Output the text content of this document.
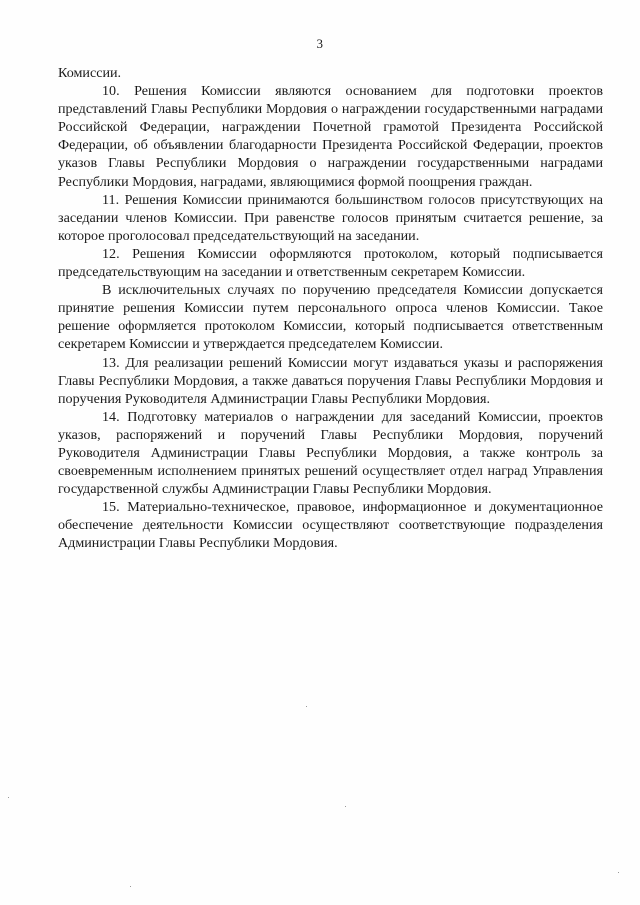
3

Комиссии.

10. Решения Комиссии являются основанием для подготовки проектов представлений Главы Республики Мордовия о награждении государственными наградами Российской Федерации, награждении Почетной грамотой Президента Российской Федерации, об объявлении благодарности Президента Российской Федерации, проектов указов Главы Республики Мордовия о награждении государственными наградами Республики Мордовия, наградами, являющимися формой поощрения граждан.

11. Решения Комиссии принимаются большинством голосов присутствующих на заседании членов Комиссии. При равенстве голосов принятым считается решение, за которое проголосовал председательствующий на заседании.

12. Решения Комиссии оформляются протоколом, который подписывается председательствующим на заседании и ответственным секретарем Комиссии.

В исключительных случаях по поручению председателя Комиссии допускается принятие решения Комиссии путем персонального опроса членов Комиссии. Такое решение оформляется протоколом Комиссии, который подписывается ответственным секретарем Комиссии и утверждается председателем Комиссии.

13. Для реализации решений Комиссии могут издаваться указы и распоряжения Главы Республики Мордовия, а также даваться поручения Главы Республики Мордовия и поручения Руководителя Администрации Главы Республики Мордовия.

14. Подготовку материалов о награждении для заседаний Комиссии, проектов указов, распоряжений и поручений Главы Республики Мордовия, поручений Руководителя Администрации Главы Республики Мордовия, а также контроль за своевременным исполнением принятых решений осуществляет отдел наград Управления государственной службы Администрации Главы Республики Мордовия.

15. Материально-техническое, правовое, информационное и документационное обеспечение деятельности Комиссии осуществляют соответствующие подразделения Администрации Главы Республики Мордовия.
